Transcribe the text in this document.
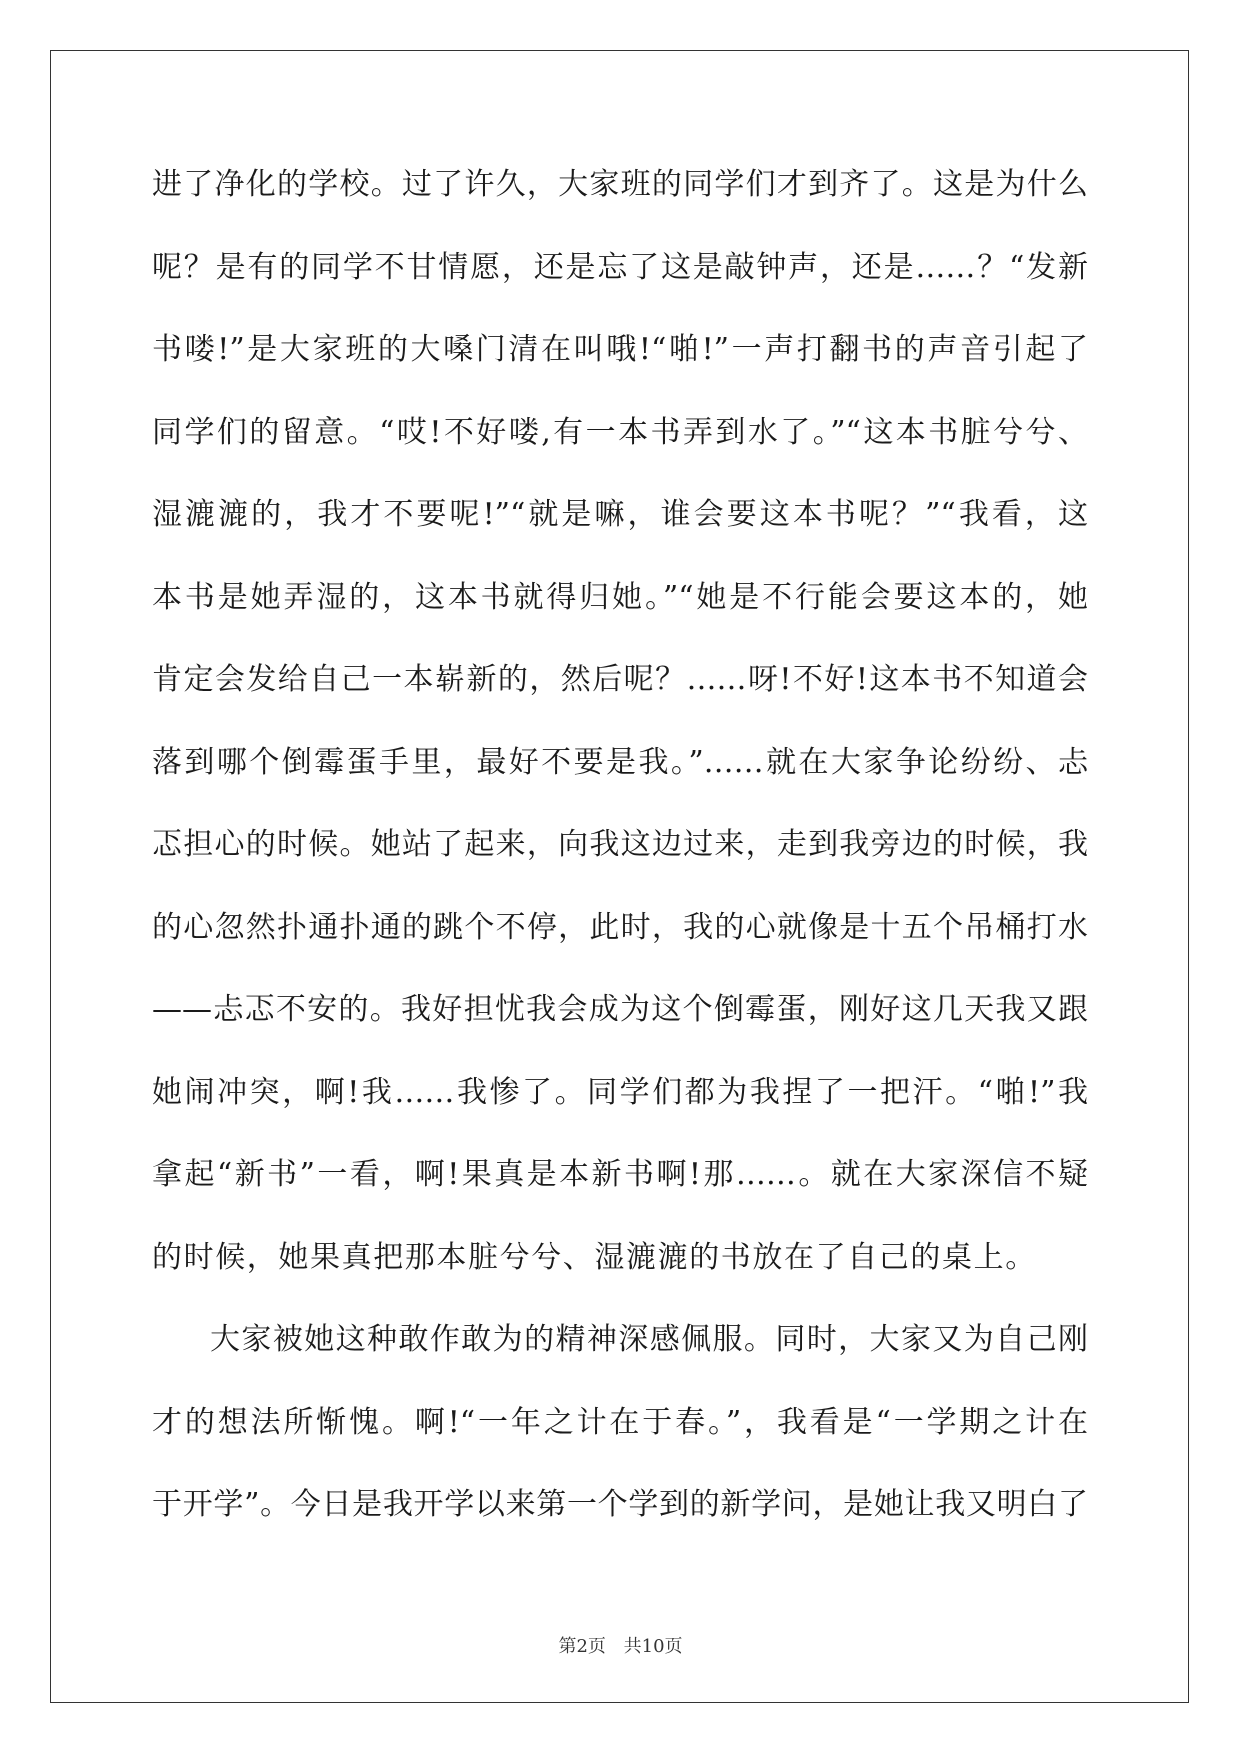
进了净化的学校。过了许久，大家班的同学们才到齐了。这是为什么
呢？是有的同学不甘情愿，还是忘了这是敲钟声，还是……？“发新
书喽!”是大家班的大嗓门清在叫哦!“啪!”一声打翻书的声音引起了
同学们的留意。“哎!不好喽,有一本书弄到水了。”“这本书脏兮兮、
湿漉漉的，我才不要呢!”“就是嘛，谁会要这本书呢？”“我看，这
本书是她弄湿的，这本书就得归她。”“她是不行能会要这本的，她
肯定会发给自己一本崭新的，然后呢？……呀!不好!这本书不知道会
落到哪个倒霉蛋手里，最好不要是我。”……就在大家争论纷纷、忐
忑担心的时候。她站了起来，向我这边过来，走到我旁边的时候，我
的心忽然扑通扑通的跳个不停，此时，我的心就像是十五个吊桶打水
——忐忑不安的。我好担忧我会成为这个倒霉蛋，刚好这几天我又跟
她闹冲突，啊!我……我惨了。同学们都为我捏了一把汗。“啪!”我
拿起“新书”一看，啊!果真是本新书啊!那……。就在大家深信不疑
的时候，她果真把那本脏兮兮、湿漉漉的书放在了自己的桌上。
大家被她这种敢作敢为的精神深感佩服。同时，大家又为自己刚
才的想法所惭愧。啊!“一年之计在于春。”，我看是“一学期之计在
于开学”。今日是我开学以来第一个学到的新学问，是她让我又明白了
第2页 共10页
